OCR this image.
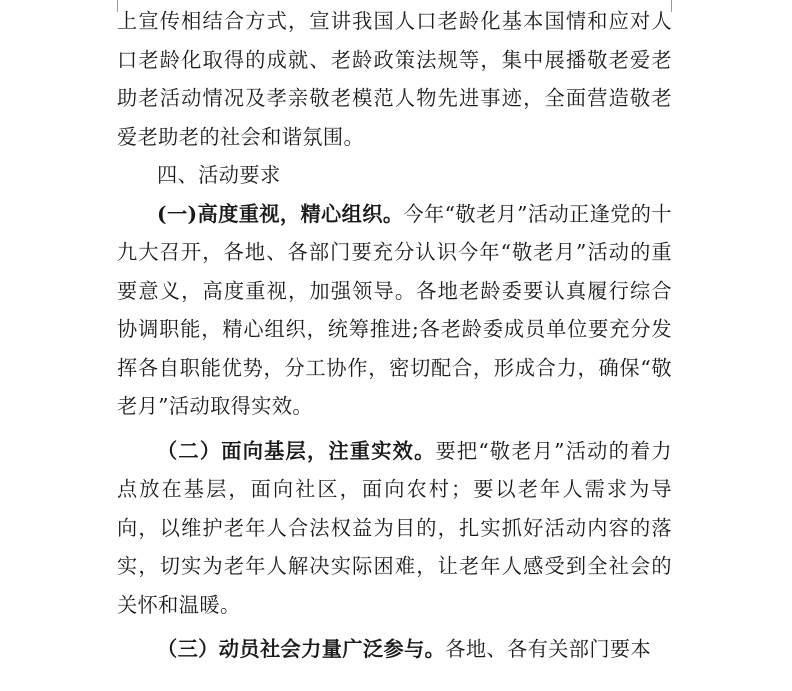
上宣传相结合方式，宣讲我国人口老龄化基本国情和应对人口老龄化取得的成就、老龄政策法规等，集中展播敬老爱老助老活动情况及孝亲敬老模范人物先进事迹，全面营造敬老爱老助老的社会和谐氛围。

四、活动要求

(一)高度重视，精心组织。今年“敬老月”活动正逢党的十九大召开，各地、各部门要充分认识今年“敬老月”活动的重要意义，高度重视，加强领导。各地老龄委要认真履行综合协调职能，精心组织，统筹推进;各老龄委成员单位要充分发挥各自职能优势，分工协作，密切配合，形成合力，确保“敬老月”活动取得实效。

（二）面向基层，注重实效。要把“敬老月”活动的着力点放在基层，面向社区，面向农村；要以老年人需求为导向，以维护老年人合法权益为目的，扎实抓好活动内容的落实，切实为老年人解决实际困难，让老年人感受到全社会的关怀和温暖。

（三）动员社会力量广泛参与。各地、各有关部门要本
